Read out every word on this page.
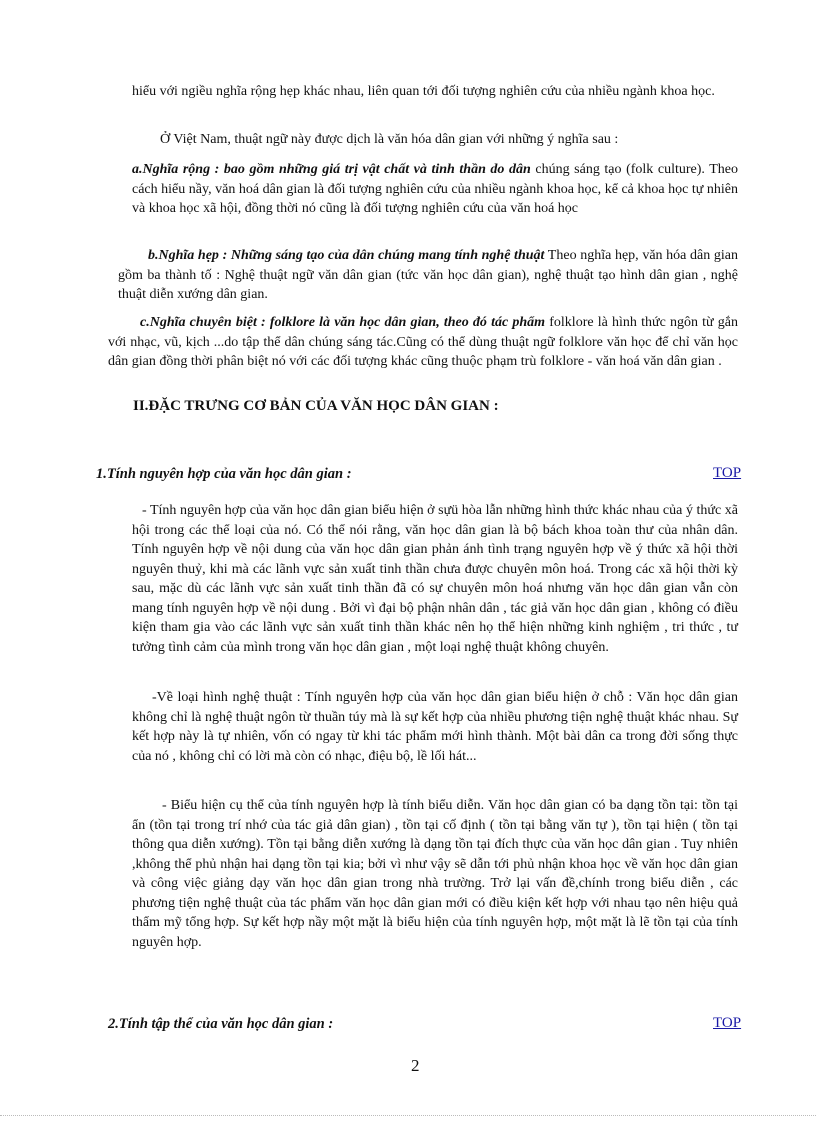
hiểu với ngiều nghĩa rộng hẹp khác nhau, liên quan tới đối tượng nghiên cứu của nhiều ngành khoa học.

Ở Việt Nam, thuật ngữ này được dịch là văn hóa dân gian với những ý nghĩa sau :

a.Nghĩa rộng : bao gồm những giá trị vật chất và tinh thần do dân chúng sáng tạo (folk culture). Theo cách hiểu nầy, văn hoá dân gian là đối tượng nghiên cứu của nhiều ngành khoa học, kể cả khoa học tự nhiên và khoa học xã hội, đồng thời nó cũng là đối tượng nghiên cứu của văn hoá học

b.Nghĩa hẹp : Những sáng tạo của dân chúng mang tính nghệ thuật Theo nghĩa hẹp, văn hóa dân gian gồm ba thành tố : Nghệ thuật ngữ văn dân gian (tức văn học dân gian), nghệ thuật tạo hình dân gian , nghệ thuật diễn xướng dân gian.

c.Nghĩa chuyên biệt : folklore là văn học dân gian, theo đó tác phẩm folklore là hình thức ngôn từ gắn với nhạc, vũ, kịch ...do tập thể dân chúng sáng tác.Cũng có thể dùng thuật ngữ folklore văn học để chỉ văn học dân gian đồng thời phân biệt nó với các đối tượng khác cũng thuộc phạm trù folklore - văn hoá văn dân gian .

II.ĐẶC TRƯNG CƠ BẢN CỦA VĂN HỌC DÂN GIAN :
1.Tính nguyên hợp của văn học dân gian :	TOP

- Tính nguyên hợp của văn học dân gian biểu hiện ở sựü hòa lẫn những hình thức khác nhau của ý thức xã hội trong các thể loại của nó. Có thể nói rằng, văn học dân gian là bộ bách khoa toàn thư của nhân dân. Tính nguyên hợp về nội dung của văn học dân gian phản ánh tình trạng nguyên hợp về ý thức xã hội thời nguyên thuỷ, khi mà các lãnh vực sản xuất tinh thần chưa được chuyên môn hoá. Trong các xã hội thời kỳ sau, mặc dù các lãnh vực sản xuất tinh thần đã có sự chuyên môn hoá nhưng văn học dân gian vẫn còn mang tính nguyên hợp về nội dung . Bởi vì đại bộ phận nhân dân , tác giả văn học dân gian , không có điều kiện tham gia vào các lãnh vực sản xuất tinh thần khác nên họ thể hiện những kinh nghiệm , tri thức , tư tưởng tình cảm của mình trong văn học dân gian , một loại nghệ thuật không chuyên.

-Về loại hình nghệ thuật : Tính nguyên hợp của văn học dân gian biểu hiện ở chỗ : Văn học dân gian không chỉ là nghệ thuật ngôn từ thuần túy mà là sự kết hợp của nhiều phương tiện nghệ thuật khác nhau. Sự kết hợp này là tự nhiên, vốn có ngay từ khi tác phẩm mới hình thành. Một bài dân ca trong đời sống thực của nó , không chỉ có lời mà còn có nhạc, điệu bộ, lề lối hát...

- Biểu hiện cụ thể của tính nguyên hợp là tính biểu diễn. Văn học dân gian có ba dạng tồn tại: tồn tại ẩn (tồn tại trong trí nhớ của tác giả dân gian) , tồn tại cố định ( tồn tại bằng văn tự ), tồn tại hiện ( tồn tại thông qua diễn xướng). Tồn tại bằng diễn xướng là dạng tồn tại đích thực của văn học dân gian . Tuy nhiên ,không thể phủ nhận hai dạng tồn tại kia; bởi vì như vậy sẽ dẫn tới phủ nhận khoa học về văn học dân gian và công việc giảng dạy văn học dân gian trong nhà trường. Trở lại vấn đề,chính trong biểu diễn , các phương tiện nghệ thuật của tác phẩm văn học dân gian mới có điều kiện kết hợp với nhau tạo nên hiệu quả thẩm mỹ tổng hợp. Sự kết hợp nầy một mặt là biểu hiện của tính nguyên hợp, một mặt là lẽ tồn tại của tính nguyên hợp.

2.Tính tập thể của văn học dân gian :	TOP
2
